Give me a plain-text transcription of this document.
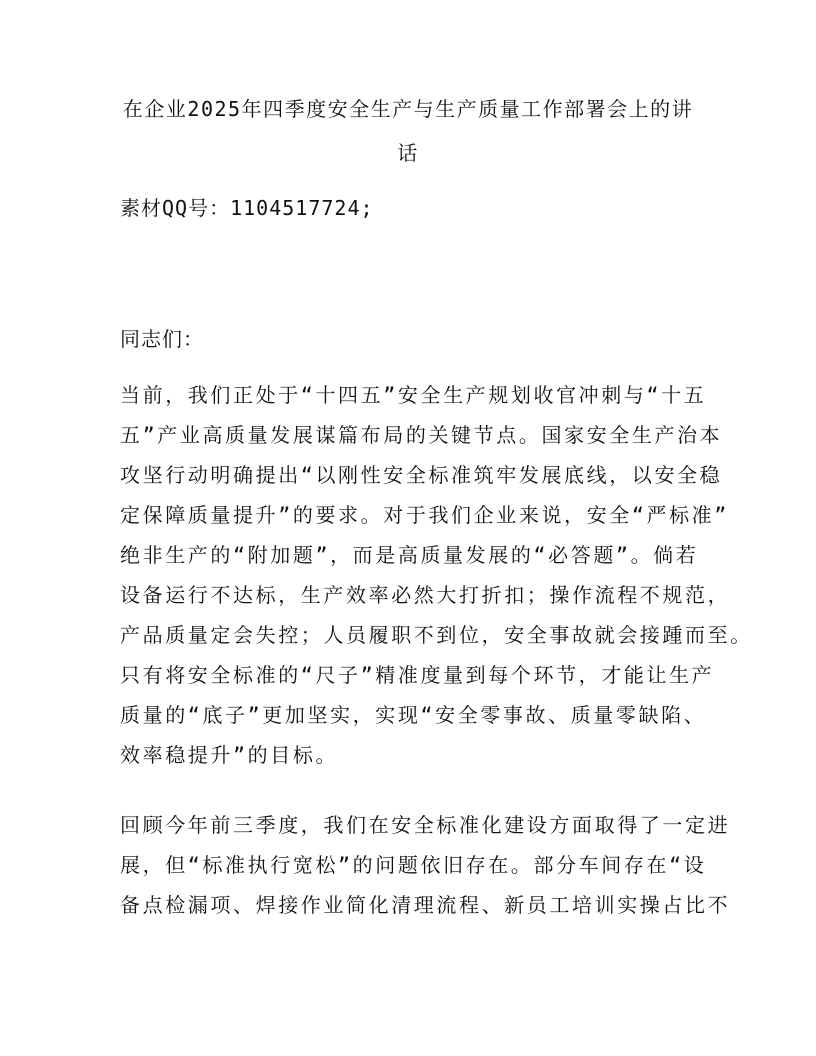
在企业2025年四季度安全生产与生产质量工作部署会上的讲
话

素材QQ号：1104517724;

同志们：

当前，我们正处于“十四五”安全生产规划收官冲刺与“十五
五”产业高质量发展谋篇布局的关键节点。国家安全生产治本
攻坚行动明确提出“以刚性安全标准筑牢发展底线，以安全稳
定保障质量提升”的要求。对于我们企业来说，安全“严标准”
绝非生产的“附加题”，而是高质量发展的“必答题”。倘若
设备运行不达标，生产效率必然大打折扣；操作流程不规范，
产品质量定会失控；人员履职不到位，安全事故就会接踵而至。
只有将安全标准的“尺子”精准度量到每个环节，才能让生产
质量的“底子”更加坚实，实现“安全零事故、质量零缺陷、
效率稳提升”的目标。
回顾今年前三季度，我们在安全标准化建设方面取得了一定进
展，但“标准执行宽松”的问题依旧存在。部分车间存在“设
备点检漏项、焊接作业简化清理流程、新员工培训实操占比不
